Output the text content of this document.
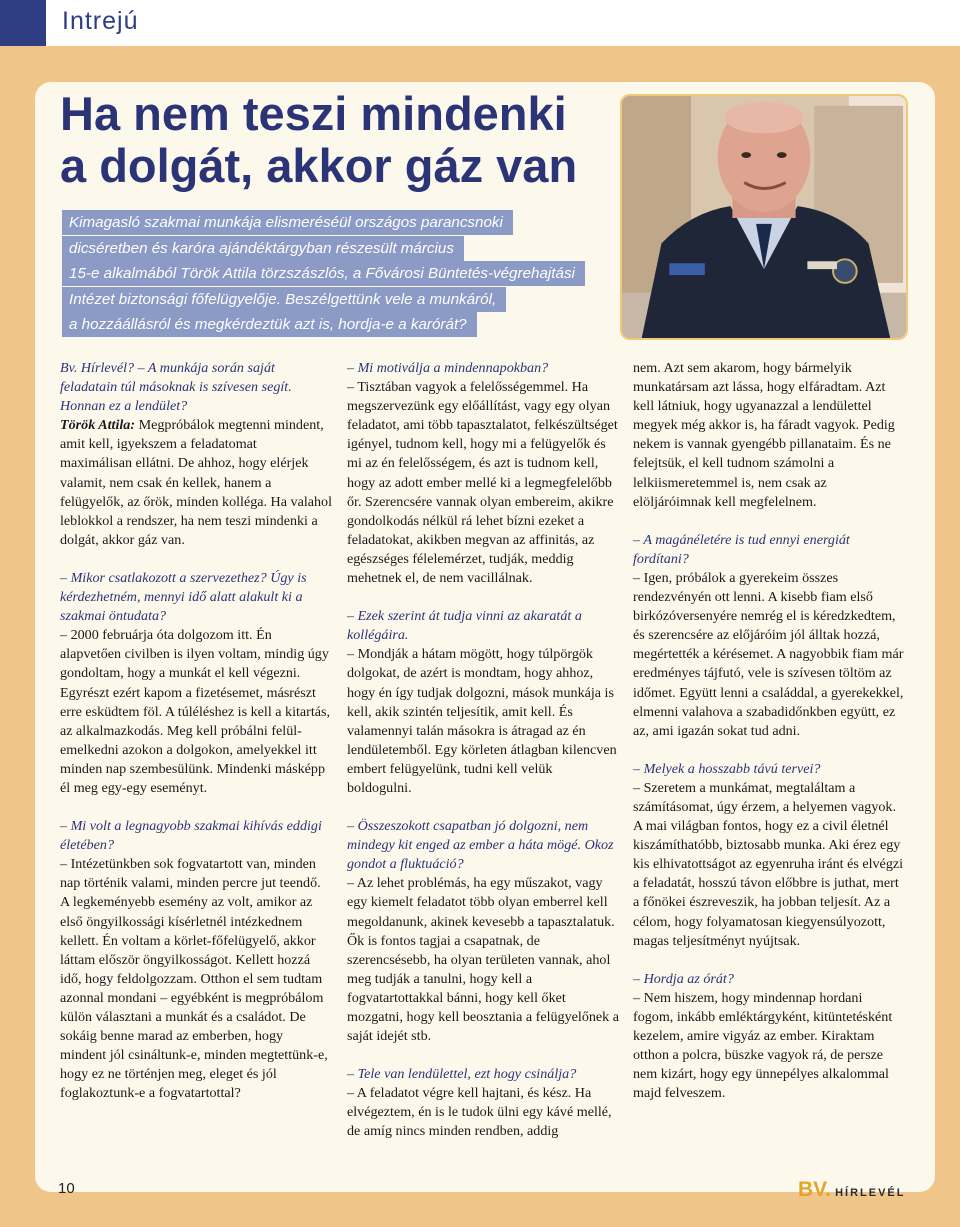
Intrejú
Ha nem teszi mindenki
a dolgát, akkor gáz van
Kimagasló szakmai munkája elismeréséül országos parancsnoki
dicséretben és karóra ajándéktárgyban részesült március
15-e alkalmából Török Attila törzszászlós, a Fővárosi Büntetés-végrehajtási
Intézet biztonsági főfelügyelője. Beszélgettünk vele a munkáról,
a hozzáállásról és megkérdeztük azt is, hordja-e a karórát?

Bv. Hírlevél? – A munkája során saját feladatain túl másoknak is szívesen segít. Honnan ez a lendület?

Török Attila: Megpróbálok megtenni mindent, amit kell, igyekszem a feladatomat maximálisan ellátni. De ahhoz, hogy elérjek valamit, nem csak én kellek, hanem a felügyelők, az őrök, minden kolléga. Ha valahol leblokkol a rendszer, ha nem teszi mindenki a dolgát, akkor gáz van.

– Mikor csatlakozott a szervezethez? Úgy is kérdezhetném, mennyi idő alatt alakult ki a szakmai öntudata?

– 2000 februárja óta dolgozom itt. Én alapvetően civilben is ilyen voltam, mindig úgy gondoltam, hogy a munkát el kell végezni. Egyrészt ezért kapom a fizetésemet, másrészt erre esküdtem föl. A túléléshez is kell a kitartás, az alkalmazkodás. Meg kell próbálni felül-emelkedni azokon a dolgokon, amelyekkel itt minden nap szembesülünk. Mindenki másképp él meg egy-egy eseményt.

– Mi volt a legnagyobb szakmai kihívás eddigi életében?

– Intézetünkben sok fogvatartott van, minden nap történik valami, minden percre jut teendő. A legkeményebb esemény az volt, amikor az első öngyilkossági kísérletnél intézkednem kellett. Én voltam a körlet-főfelügyelő, akkor láttam először öngyilkosságot. Kellett hozzá idő, hogy feldolgozzam. Otthon el sem tudtam azonnal mondani – egyébként is megpróbálom külön választani a munkát és a családot. De sokáig benne marad az emberben, hogy mindent jól csináltunk-e, minden megtettünk-e, hogy ez ne történjen meg, eleget és jól foglakoztunk-e a fogvatartottal?

– Mi motiválja a mindennapokban?

– Tisztában vagyok a felelősségemmel. Ha megszervezünk egy előállítást, vagy egy olyan feladatot, ami több tapasztalatot, felkészültséget igényel, tudnom kell, hogy mi a felügyelők és mi az én felelősségem, és azt is tudnom kell, hogy az adott ember mellé ki a legmegfelelőbb őr. Szerencsére vannak olyan embereim, akikre gondolkodás nélkül rá lehet bízni ezeket a feladatokat, akikben megvan az affinitás, az egészséges félelemérzet, tudják, meddig mehetnek el, de nem vacillálnak.

– Ezek szerint át tudja vinni az akaratát a kollégáira.

– Mondják a hátam mögött, hogy túlpörgök dolgokat, de azért is mondtam, hogy ahhoz, hogy én így tudjak dolgozni, mások munkája is kell, akik szintén teljesítik, amit kell. És valamennyi talán másokra is átragad az én lendületemből. Egy körleten átlagban kilencven embert felügyelünk, tudni kell velük boldogulni.

– Összeszokott csapatban jó dolgozni, nem mindegy kit enged az ember a háta mögé. Okoz gondot a fluktuáció?

– Az lehet problémás, ha egy műszakot, vagy egy kiemelt feladatot több olyan emberrel kell megoldanunk, akinek kevesebb a tapasztalatuk. Ők is fontos tagjai a csapatnak, de szerencsésebb, ha olyan területen vannak, ahol meg tudják a tanulni, hogy kell a fogvatartottakkal bánni, hogy kell őket mozgatni, hogy kell beosztania a felügyelőnek a saját idejét stb.

– Tele van lendülettel, ezt hogy csinálja?

– A feladatot végre kell hajtani, és kész. Ha elvégeztem, én is le tudok ülni egy kávé mellé, de amíg nincs minden rendben, addig

nem. Azt sem akarom, hogy bármelyik munkatársam azt lássa, hogy elfáradtam. Azt kell látniuk, hogy ugyanazzal a lendülettel megyek még akkor is, ha fáradt vagyok. Pedig nekem is vannak gyengébb pillanataim. És ne felejtsük, el kell tudnom számolni a lelkiismeretemmel is, nem csak az elöljáróimnak kell megfelelnem.

– A magánéletére is tud ennyi energiát fordítani?

– Igen, próbálok a gyerekeim összes rendezvényén ott lenni. A kisebb fiam első birkózóversenyére nemrég el is kéredzkedtem, és szerencsére az előjáróim jól álltak hozzá, megértették a kérésemet. A nagyobbik fiam már eredményes tájfutó, vele is szívesen töltöm az időmet. Együtt lenni a családdal, a gyerekekkel, elmenni valahova a szabadidőnkben együtt, ez az, ami igazán sokat tud adni.

– Melyek a hosszabb távú tervei?

– Szeretem a munkámat, megtaláltam a számításomat, úgy érzem, a helyemen vagyok. A mai világban fontos, hogy ez a civil életnél kiszámíthatóbb, biztosabb munka. Aki érez egy kis elhivatottságot az egyenruha iránt és elvégzi a feladatát, hosszú távon előbbre is juthat, mert a főnökei észreveszik, ha jobban teljesít. Az a célom, hogy folyamatosan kiegyensúlyozott, magas teljesítményt nyújtsak.

– Hordja az órát?

– Nem hiszem, hogy mindennap hordani fogom, inkább emléktárgyként, kitüntetésként kezelem, amire vigyáz az ember. Kiraktam otthon a polcra, büszke vagyok rá, de persze nem kizárt, hogy egy ünnepélyes alkalommal majd felveszem.

10	BV. HÍRLEVÉL
